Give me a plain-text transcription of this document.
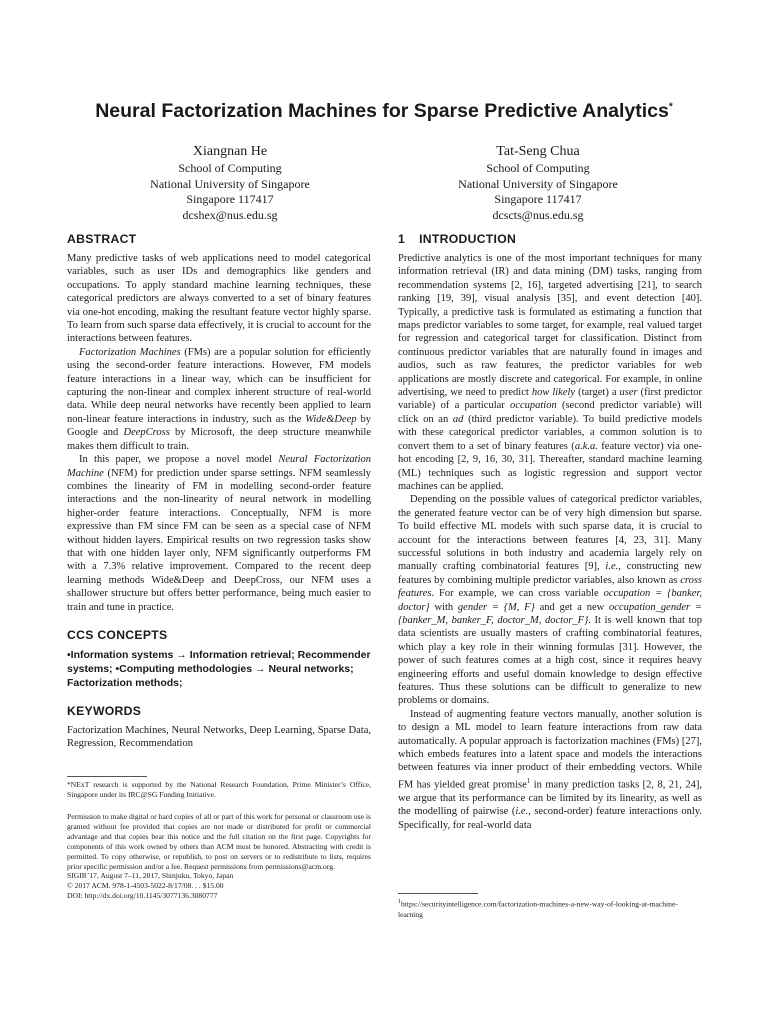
Neural Factorization Machines for Sparse Predictive Analytics*
Xiangnan He
School of Computing
National University of Singapore
Singapore 117417
dcshex@nus.edu.sg
Tat-Seng Chua
School of Computing
National University of Singapore
Singapore 117417
dcscts@nus.edu.sg
ABSTRACT

Many predictive tasks of web applications need to model categorical variables, such as user IDs and demographics like genders and occupations. To apply standard machine learning techniques, these categorical predictors are always converted to a set of binary features via one-hot encoding, making the resultant feature vector highly sparse. To learn from such sparse data effectively, it is crucial to account for the interactions between features.

Factorization Machines (FMs) are a popular solution for efficiently using the second-order feature interactions. However, FM models feature interactions in a linear way, which can be insufficient for capturing the non-linear and complex inherent structure of real-world data. While deep neural networks have recently been applied to learn non-linear feature interactions in industry, such as the Wide&Deep by Google and DeepCross by Microsoft, the deep structure meanwhile makes them difficult to train.

In this paper, we propose a novel model Neural Factorization Machine (NFM) for prediction under sparse settings. NFM seamlessly combines the linearity of FM in modelling second-order feature interactions and the non-linearity of neural network in modelling higher-order feature interactions. Conceptually, NFM is more expressive than FM since FM can be seen as a special case of NFM without hidden layers. Empirical results on two regression tasks show that with one hidden layer only, NFM significantly outperforms FM with a 7.3% relative improvement. Compared to the recent deep learning methods Wide&Deep and DeepCross, our NFM uses a shallower structure but offers better performance, being much easier to train and tune in practice.

CCS CONCEPTS
•Information systems → Information retrieval; Recommender systems; •Computing methodologies → Neural networks; Factorization methods;
KEYWORDS

Factorization Machines, Neural Networks, Deep Learning, Sparse Data, Regression, Recommendation

*NExT research is supported by the National Research Foundation, Prime Minister’s Office, Singapore under its IRC@SG Funding Initiative.
Permission to make digital or hard copies of all or part of this work for personal or classroom use is granted without fee provided that copies are not made or distributed for profit or commercial advantage and that copies bear this notice and the full citation on the first page. Copyrights for components of this work owned by others than ACM must be honored. Abstracting with credit is permitted. To copy otherwise, or republish, to post on servers or to redistribute to lists, requires prior specific permission and/or a fee. Request permissions from permissions@acm.org.
SIGIR’17, August 7–11, 2017, Shinjuku, Tokyo, Japan
© 2017 ACM. 978-1-4503-5022-8/17/08. . . $15.00
DOI: http://dx.doi.org/10.1145/3077136.3080777
1 INTRODUCTION

Predictive analytics is one of the most important techniques for many information retrieval (IR) and data mining (DM) tasks, ranging from recommendation systems [2, 16], targeted advertising [21], to search ranking [19, 39], visual analysis [35], and event detection [40]. Typically, a predictive task is formulated as estimating a function that maps predictor variables to some target, for example, real valued target for regression and categorical target for classification. Distinct from continuous predictor variables that are naturally found in images and audios, such as raw features, the predictor variables for web applications are mostly discrete and categorical. For example, in online advertising, we need to predict how likely (target) a user (first predictor variable) of a particular occupation (second predictor variable) will click on an ad (third predictor variable). To build predictive models with these categorical predictor variables, a common solution is to convert them to a set of binary features (a.k.a. feature vector) via one-hot encoding [2, 9, 16, 30, 31]. Thereafter, standard machine learning (ML) techniques such as logistic regression and support vector machines can be applied.

Depending on the possible values of categorical predictor variables, the generated feature vector can be of very high dimension but sparse. To build effective ML models with such sparse data, it is crucial to account for the interactions between features [4, 23, 31]. Many successful solutions in both industry and academia largely rely on manually crafting combinatorial features [9], i.e., constructing new features by combining multiple predictor variables, also known as cross features. For example, we can cross variable occupation = {banker, doctor} with gender = {M, F} and get a new occupation_gender = {banker_M, banker_F, doctor_M, doctor_F}. It is well known that top data scientists are usually masters of crafting combinatorial features, which play a key role in their winning formulas [31]. However, the power of such features comes at a high cost, since it requires heavy engineering efforts and useful domain knowledge to design effective features. Thus these solutions can be difficult to generalize to new problems or domains.

Instead of augmenting feature vectors manually, another solution is to design a ML model to learn feature interactions from raw data automatically. A popular approach is factorization machines (FMs) [27], which embeds features into a latent space and models the interactions between features via inner product of their embedding vectors. While FM has yielded great promise$^1$ in many prediction tasks [2, 8, 21, 24], we argue that its performance can be limited by its linearity, as well as the modelling of pairwise (i.e., second-order) feature interactions only. Specifically, for real-world data

$^1$https://securityintelligence.com/factorization-machines-a-new-way-of-looking-at-machine-learning
